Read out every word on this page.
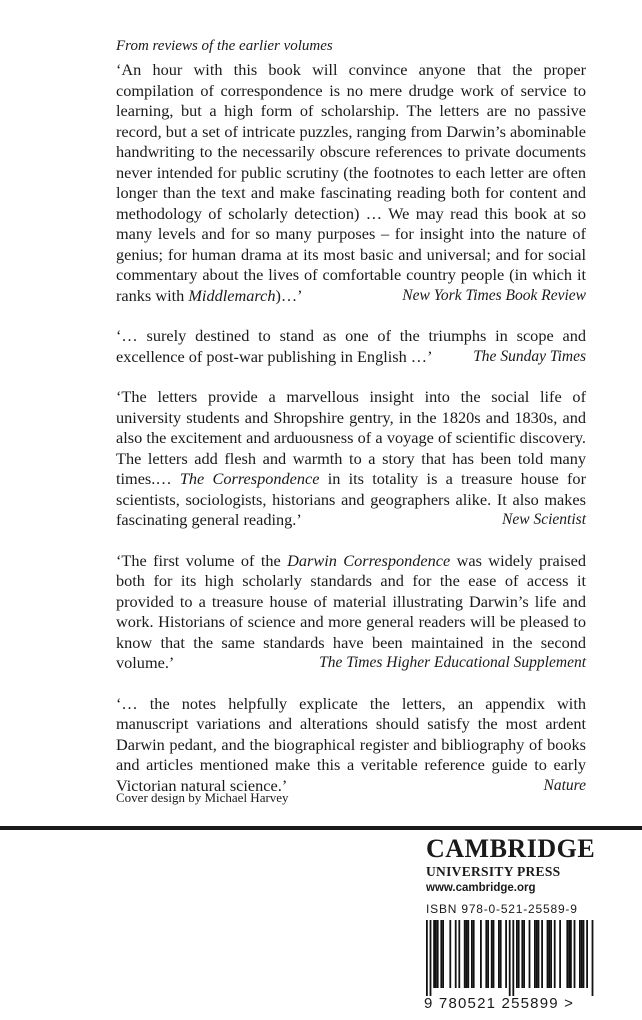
From reviews of the earlier volumes

‘An hour with this book will convince anyone that the proper compilation of correspondence is no mere drudge work of service to learning, but a high form of scholarship. The letters are no passive record, but a set of intricate puzzles, ranging from Darwin’s abominable handwriting to the necessarily obscure references to private documents never intended for public scrutiny (the footnotes to each letter are often longer than the text and make fascinating reading both for content and methodology of scholarly detection) … We may read this book at so many levels and for so many purposes – for insight into the nature of genius; for human drama at its most basic and universal; and for social commentary about the lives of comfortable country people (in which it ranks with Middlemarch)…’	New York Times Book Review

‘… surely destined to stand as one of the triumphs in scope and excellence of post-war publishing in English …’	The Sunday Times

‘The letters provide a marvellous insight into the social life of university students and Shropshire gentry, in the 1820s and 1830s, and also the excitement and arduousness of a voyage of scientific discovery. The letters add flesh and warmth to a story that has been told many times.… The Correspondence in its totality is a treasure house for scientists, sociologists, historians and geographers alike. It also makes fascinating general reading.’	New Scientist

‘The first volume of the Darwin Correspondence was widely praised both for its high scholarly standards and for the ease of access it provided to a treasure house of material illustrating Darwin’s life and work. Historians of science and more general readers will be pleased to know that the same standards have been maintained in the second volume.’	The Times Higher Educational Supplement

‘… the notes helpfully explicate the letters, an appendix with manuscript variations and alterations should satisfy the most ardent Darwin pedant, and the biographical register and bibliography of books and articles mentioned make this a veritable reference guide to early Victorian natural science.’	Nature

Cover design by Michael Harvey

CAMBRIDGE

UNIVERSITY PRESS

www.cambridge.org

ISBN 978-0-521-25589-9

9 780521 255899 >
